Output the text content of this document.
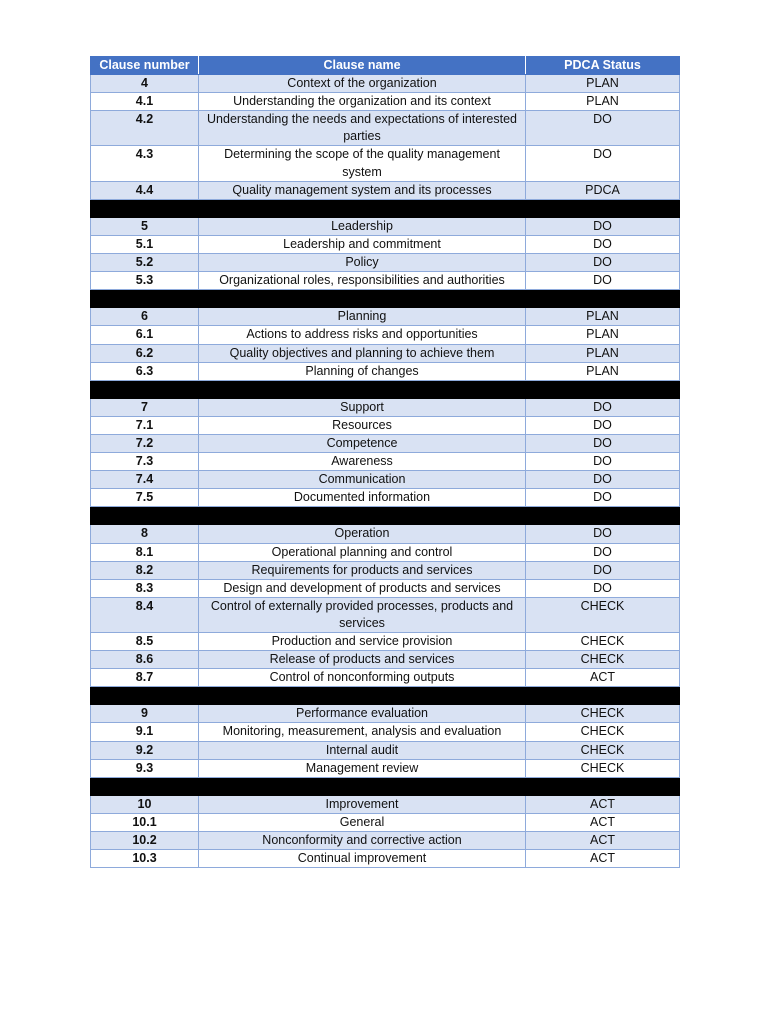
Clause number	Clause name	PDCA Status
4	Context of the organization	PLAN
4.1	Understanding the organization and its context	PLAN
4.2	Understanding the needs and expectations of interested parties	DO
4.3	Determining the scope of the quality management system	DO
4.4	Quality management system and its processes	PDCA

5	Leadership	DO
5.1	Leadership and commitment	DO
5.2	Policy	DO
5.3	Organizational roles, responsibilities and authorities	DO

6	Planning	PLAN
6.1	Actions to address risks and opportunities	PLAN
6.2	Quality objectives and planning to achieve them	PLAN
6.3	Planning of changes	PLAN

7	Support	DO
7.1	Resources	DO
7.2	Competence	DO
7.3	Awareness	DO
7.4	Communication	DO
7.5	Documented information	DO

8	Operation	DO
8.1	Operational planning and control	DO
8.2	Requirements for products and services	DO
8.3	Design and development of products and services	DO
8.4	Control of externally provided processes, products and services	CHECK
8.5	Production and service provision	CHECK
8.6	Release of products and services	CHECK
8.7	Control of nonconforming outputs	ACT

9	Performance evaluation	CHECK
9.1	Monitoring, measurement, analysis and evaluation	CHECK
9.2	Internal audit	CHECK
9.3	Management review	CHECK

10	Improvement	ACT
10.1	General	ACT
10.2	Nonconformity and corrective action	ACT
10.3	Continual improvement	ACT
